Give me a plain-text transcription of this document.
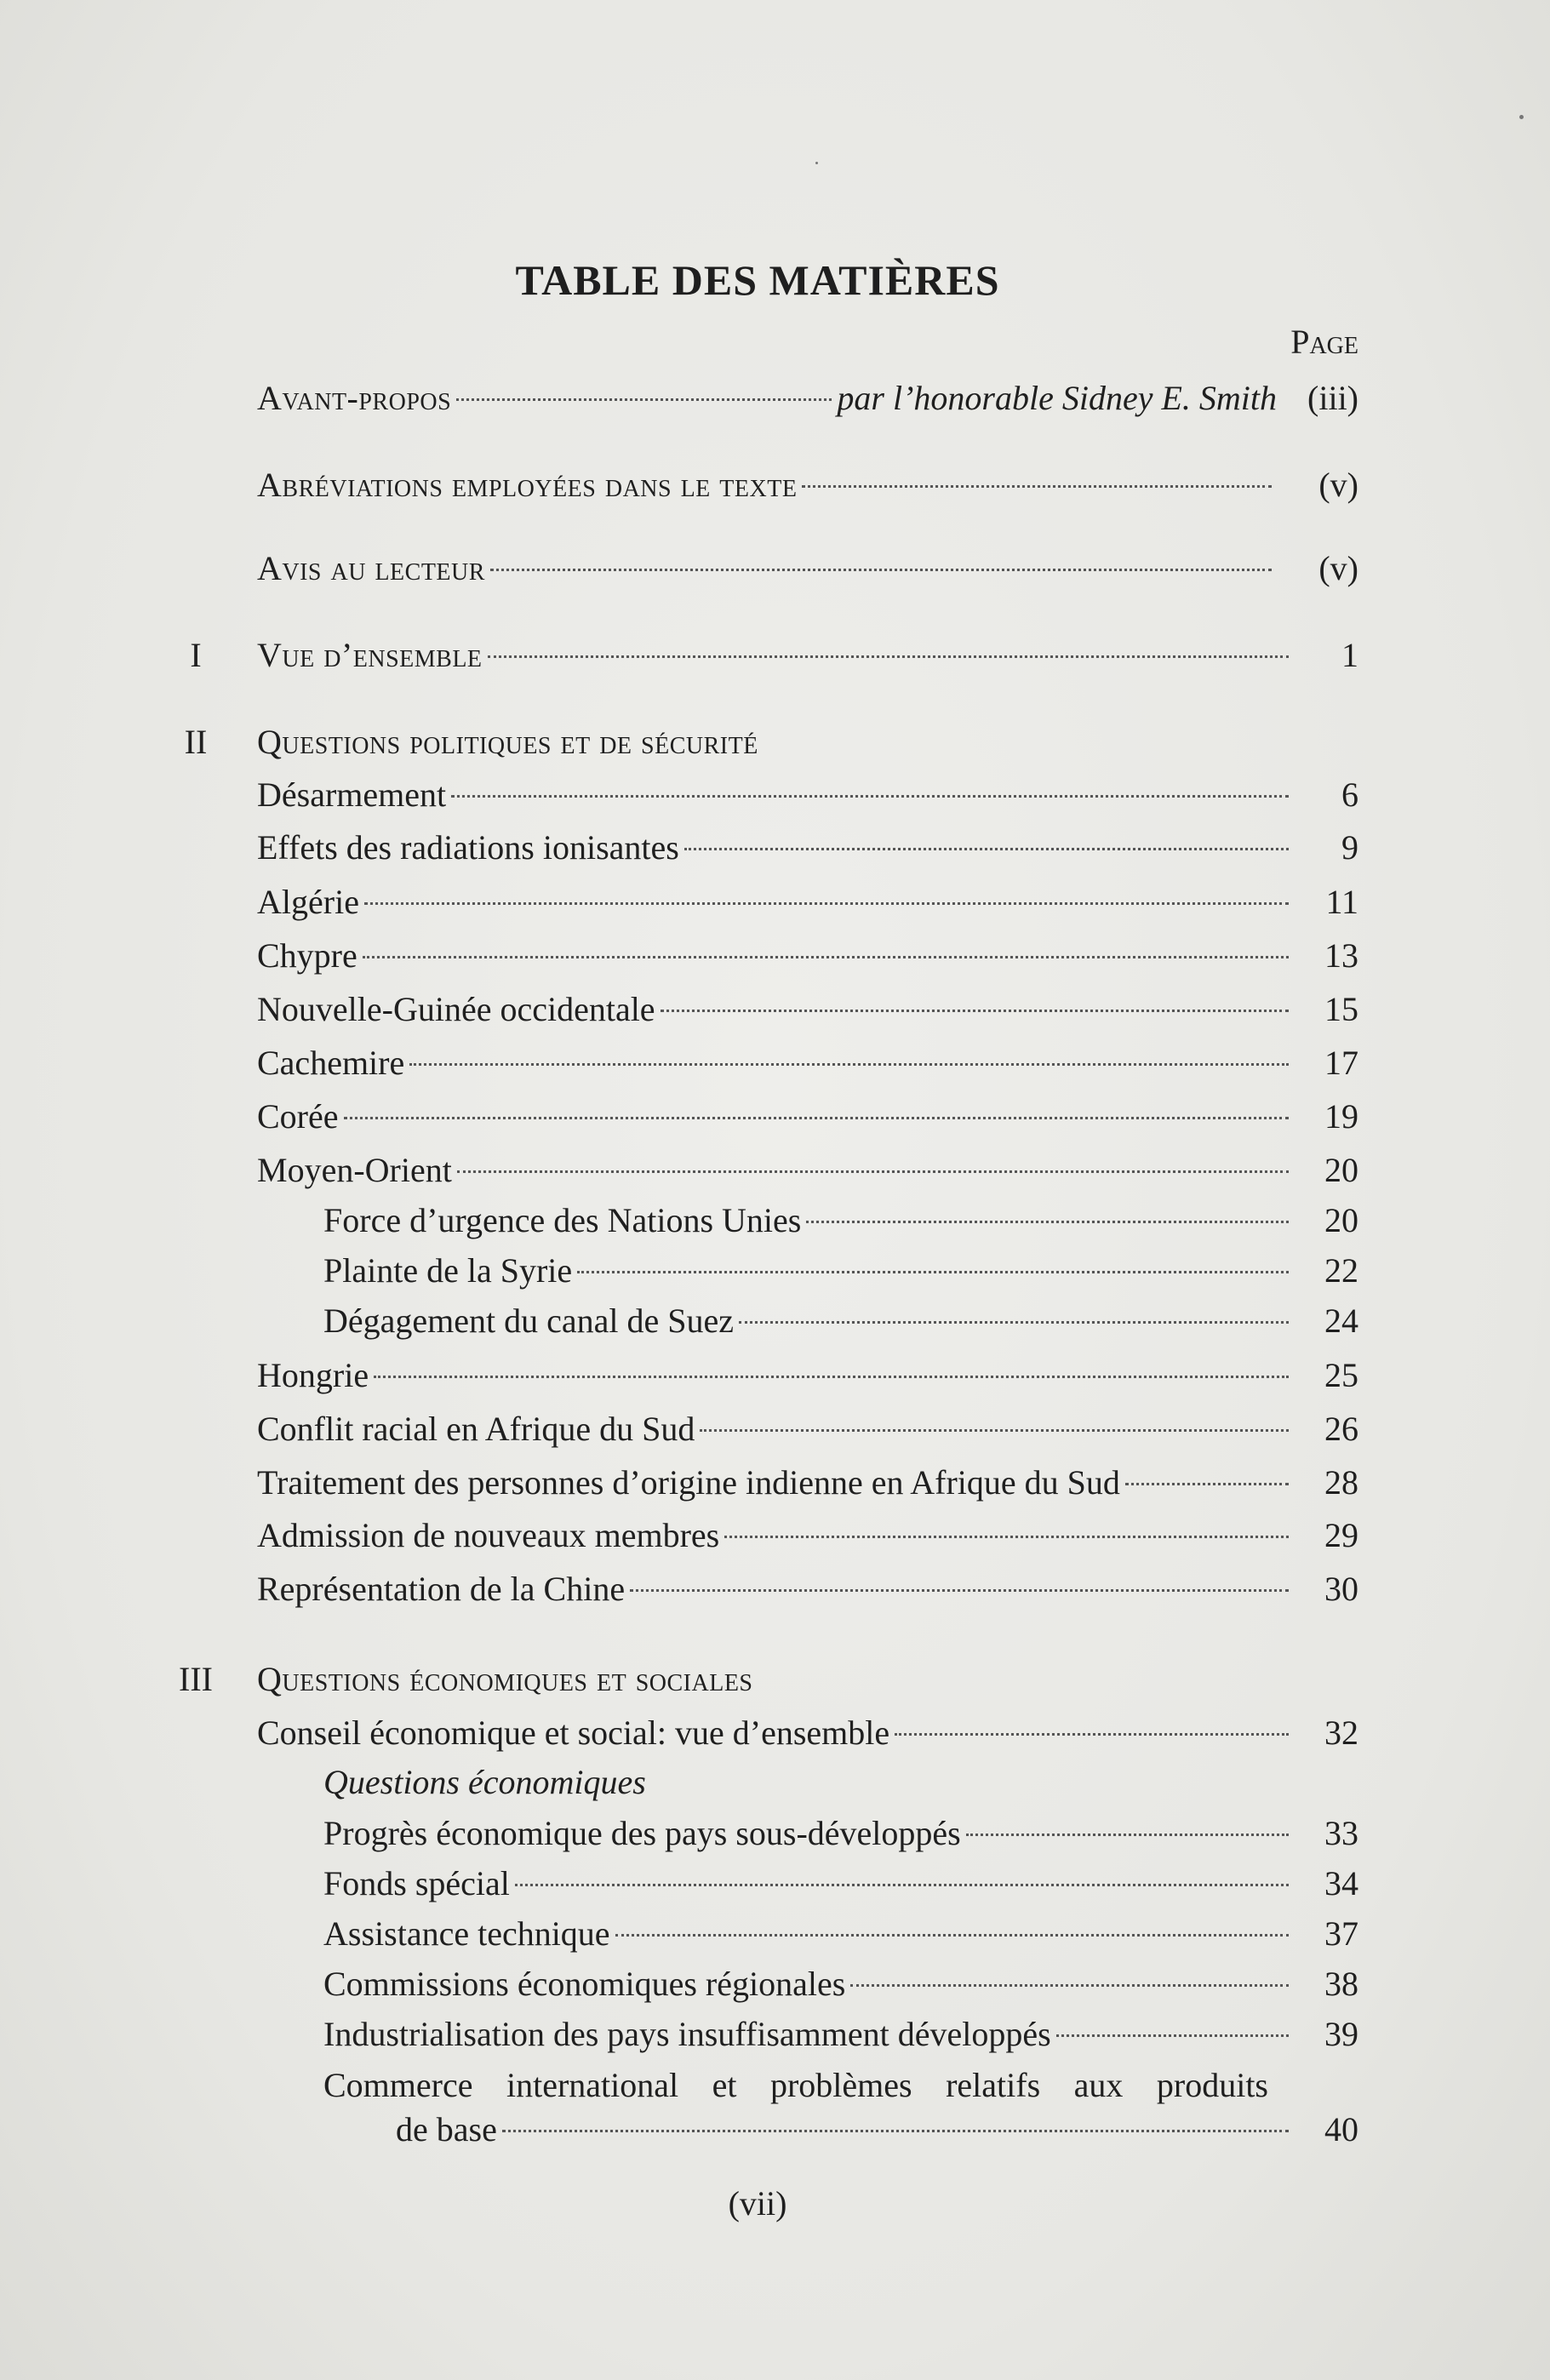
TABLE DES MATIÈRES
Page
Avant-propos	par l’honorable Sidney E. Smith (iii)
Abréviations employées dans le texte	(v)
Avis au lecteur	(v)
I	Vue d’ensemble	1
II	Questions politiques et de sécurité
Désarmement	6
Effets des radiations ionisantes	9
Algérie	11
Chypre	13
Nouvelle-Guinée occidentale	15
Cachemire	17
Corée	19
Moyen-Orient	20
Force d’urgence des Nations Unies	20
Plainte de la Syrie	22
Dégagement du canal de Suez	24
Hongrie	25
Conflit racial en Afrique du Sud	26
Traitement des personnes d’origine indienne en Afrique du Sud	28
Admission de nouveaux membres	29
Représentation de la Chine	30
III Questions économiques et sociales
Conseil économique et social: vue d’ensemble	32
Questions économiques
Progrès économique des pays sous-développés	33
Fonds spécial	34
Assistance technique	37
Commissions économiques régionales	38
Industrialisation des pays insuffisamment développés	39
Commerce international et problèmes relatifs aux produits
de base	40
(vii)
